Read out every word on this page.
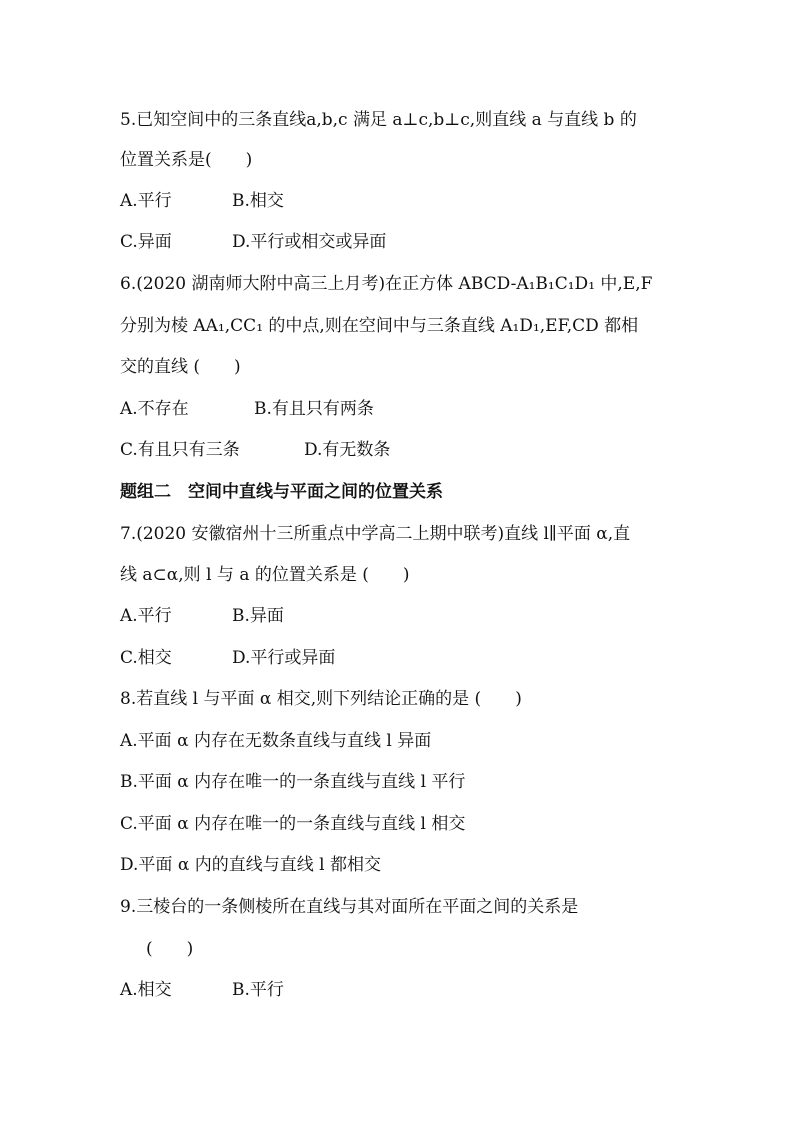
5.已知空间中的三条直线a,b,c 满足 a⊥c,b⊥c,则直线 a 与直线 b 的
位置关系是(　　)
A.平行	B.相交
C.异面	D.平行或相交或异面
6.(2020 湖南师大附中高三上月考)在正方体 ABCD-A₁B₁C₁D₁ 中,E,F
分别为棱 AA₁,CC₁ 的中点,则在空间中与三条直线 A₁D₁,EF,CD 都相
交的直线 (　　)
A.不存在	B.有且只有两条
C.有且只有三条	D.有无数条
题组二　空间中直线与平面之间的位置关系
7.(2020 安徽宿州十三所重点中学高二上期中联考)直线 l∥平面 α,直
线 a⊂α,则 l 与 a 的位置关系是 (　　)
A.平行	B.异面
C.相交	D.平行或异面
8.若直线 l 与平面 α 相交,则下列结论正确的是 (　　)
A.平面 α 内存在无数条直线与直线 l 异面
B.平面 α 内存在唯一的一条直线与直线 l 平行
C.平面 α 内存在唯一的一条直线与直线 l 相交
D.平面 α 内的直线与直线 l 都相交
9.三棱台的一条侧棱所在直线与其对面所在平面之间的关系是
(　　)
A.相交	B.平行
